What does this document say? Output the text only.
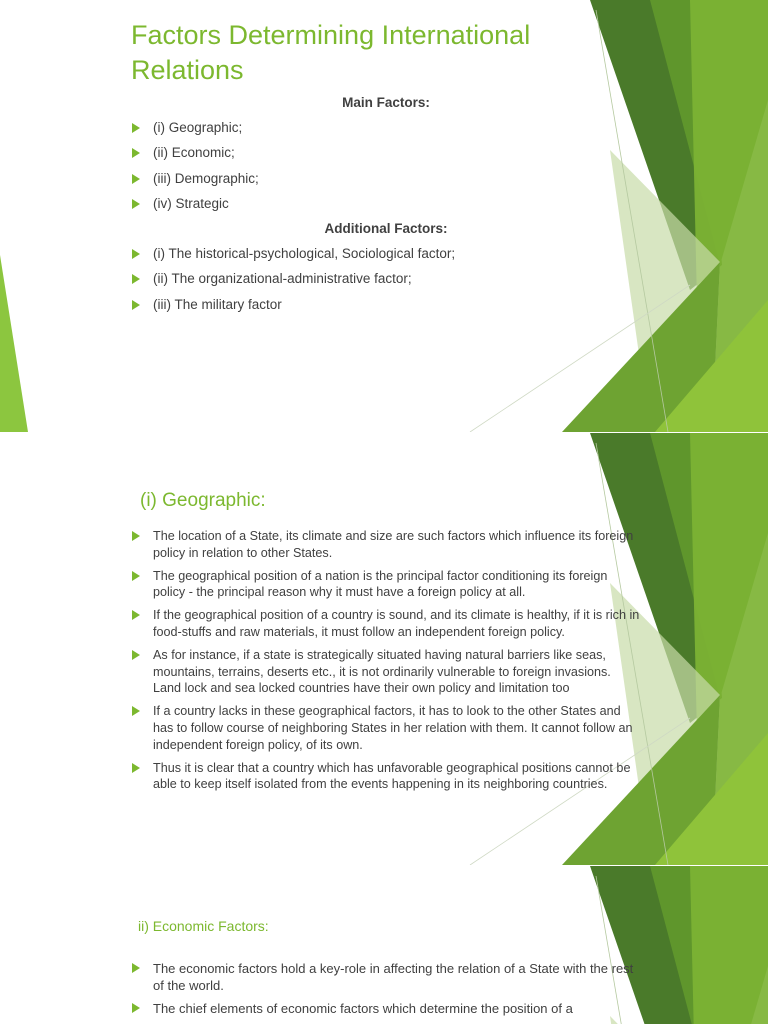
Factors Determining International Relations
Main Factors:
(i) Geographic;
(ii) Economic;
(iii) Demographic;
(iv) Strategic
Additional Factors:
(i) The historical-psychological, Sociological factor;
(ii) The organizational-administrative factor;
(iii) The military factor
(i) Geographic:
The location of a State, its climate and size are such factors which influence its foreign policy in relation to other States.
The geographical position of a nation is the principal factor conditioning its foreign policy - the principal reason why it must have a foreign policy at all.
If the geographical position of a country is sound, and its climate is healthy, if it is rich in food-stuffs and raw materials, it must follow an independent foreign policy.
As for instance, if a state is strategically situated having natural barriers like seas, mountains, terrains, deserts etc., it is not ordinarily vulnerable to foreign invasions. Land lock and sea locked countries have their own policy and limitation too
If a country lacks in these geographical factors, it has to look to the other States and has to follow course of neighboring States in her relation with them. It cannot follow an independent foreign policy, of its own.
Thus it is clear that a country which has unfavorable geographical positions cannot be able to keep itself isolated from the events happening in its neighboring countries.
ii) Economic Factors:
The economic factors hold a key-role in affecting the relation of a State with the rest of the world.
The chief elements of economic factors which determine the position of a
